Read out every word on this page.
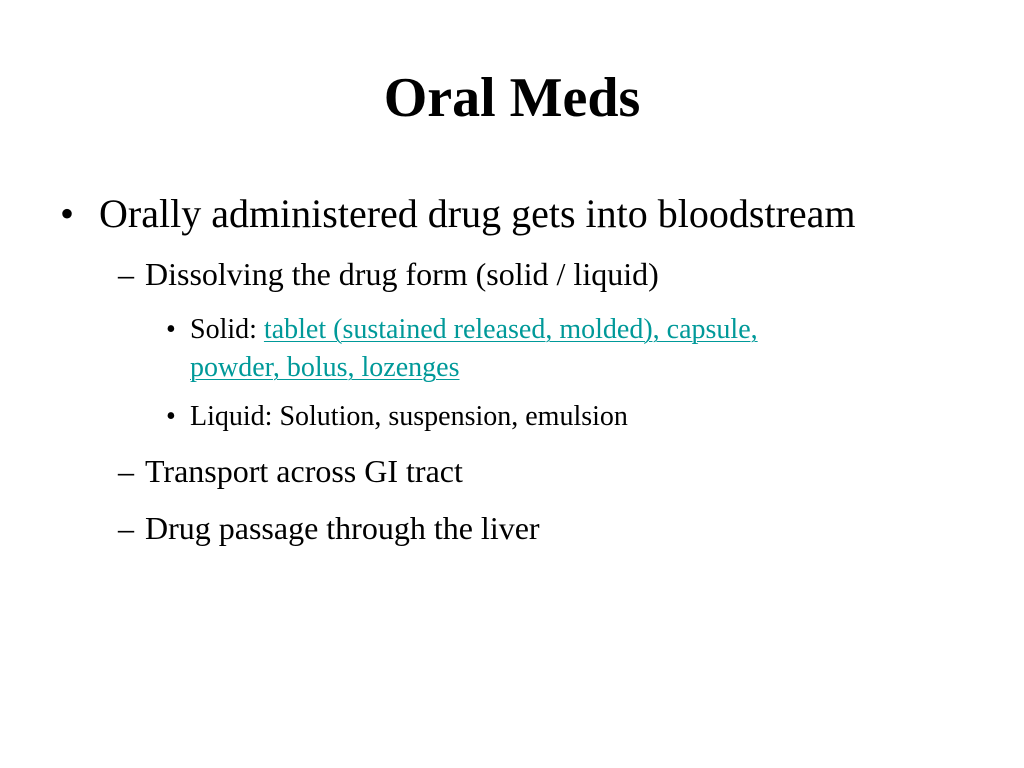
Oral Meds
• Orally administered drug gets into bloodstream
– Dissolving the drug form (solid / liquid)
• Solid: tablet (sustained released, molded), capsule,
powder, bolus, lozenges
• Liquid: Solution, suspension, emulsion
– Transport across GI tract
– Drug passage through the liver
